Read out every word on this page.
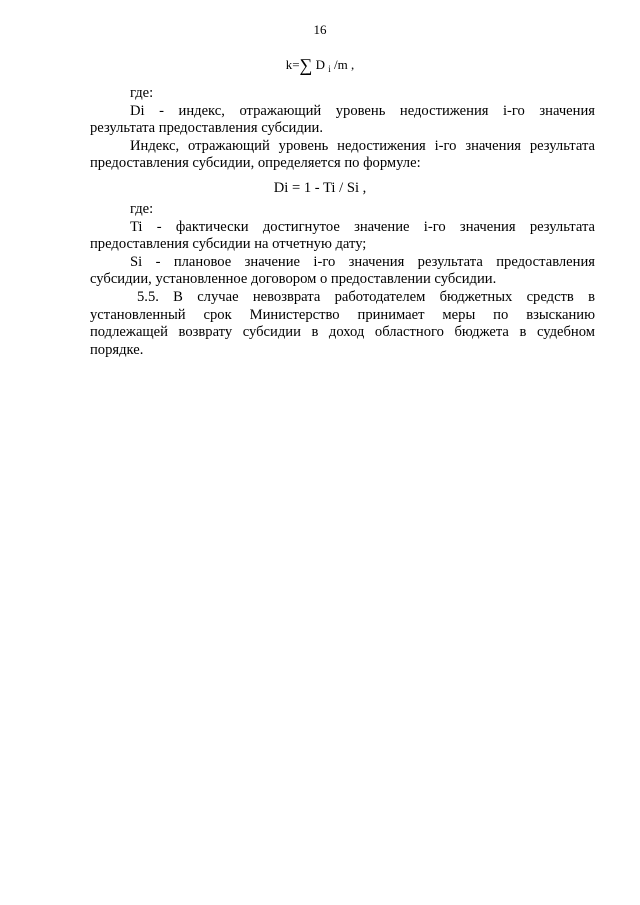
16
k=∑ D $_i$ /m ,
где:
Di - индекс, отражающий уровень недостижения i-го значения
результата предоставления субсидии.
Индекс, отражающий уровень недостижения i-го значения результата
предоставления субсидии, определяется по формуле:
Di = 1 - Ti / Si ,
где:
Ti - фактически достигнутое значение i-го значения результата
предоставления субсидии на отчетную дату;
Si - плановое значение i-го значения результата предоставления
субсидии, установленное договором о предоставлении субсидии.
5.5. В случае невозврата работодателем бюджетных средств в
установленный срок Министерство принимает меры по взысканию
подлежащей возврату субсидии в доход областного бюджета в судебном
порядке.
